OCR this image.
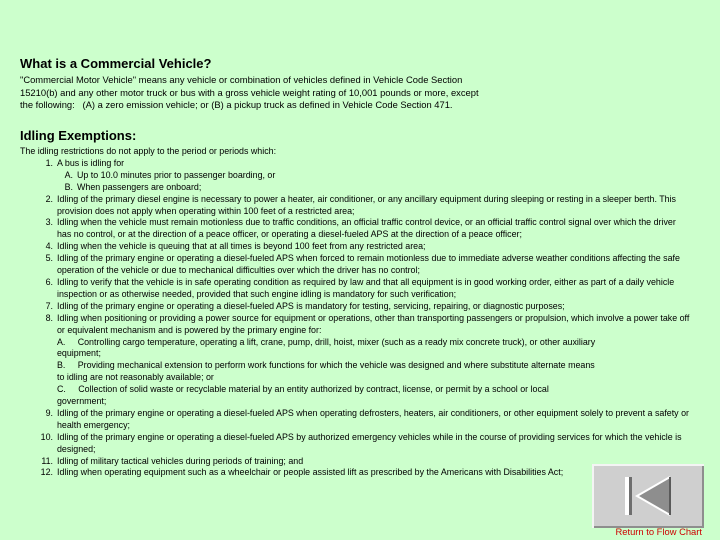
What is a Commercial Vehicle?
"Commercial Motor Vehicle" means any vehicle or combination of vehicles defined in Vehicle Code Section
15210(b) and any other motor truck or bus with a gross vehicle weight rating of 10,001 pounds or more, except
the following:   (A) a zero emission vehicle; or (B) a pickup truck as defined in Vehicle Code Section 471.
Idling Exemptions:

The idling restrictions do not apply to the period or periods which:

1. A bus is idling for
A. Up to 10.0 minutes prior to passenger boarding, or
B. When passengers are onboard;
2. Idling of the primary diesel engine is necessary to power a heater, air conditioner, or any ancillary equipment during sleeping or resting in a sleeper berth. This provision does not apply when operating within 100 feet of a restricted area;
3. Idling when the vehicle must remain motionless due to traffic conditions, an official traffic control device, or an official traffic control signal over which the driver has no control, or at the direction of a peace officer, or operating a diesel-fueled APS at the direction of a peace officer;
4. Idling when the vehicle is queuing that at all times is beyond 100 feet from any restricted area;
5. Idling of the primary engine or operating a diesel-fueled APS when forced to remain motionless due to immediate adverse weather conditions affecting the safe operation of the vehicle or due to mechanical difficulties over which the driver has no control;
6. Idling to verify that the vehicle is in safe operating condition as required by law and that all equipment is in good working order, either as part of a daily vehicle inspection or as otherwise needed, provided that such engine idling is mandatory for such verification;
7. Idling of the primary engine or operating a diesel-fueled APS is mandatory for testing, servicing, repairing, or diagnostic purposes;
8. Idling when positioning or providing a power source for equipment or operations, other than transporting passengers or propulsion, which involve a power take off or equivalent mechanism and is powered by the primary engine for:
A.     Controlling cargo temperature, operating a lift, crane, pump, drill, hoist, mixer (such as a ready mix concrete truck), or other auxiliary
equipment;
B.     Providing mechanical extension to perform work functions for which the vehicle was designed and where substitute alternate means
to idling are not reasonably available; or
C.     Collection of solid waste or recyclable material by an entity authorized by contract, license, or permit by a school or local
government;
9. Idling of the primary engine or operating a diesel-fueled APS when operating defrosters, heaters, air conditioners, or other equipment solely to prevent a safety or health emergency;
10. Idling of the primary engine or operating a diesel-fueled APS by authorized emergency vehicles while in the course of providing services for which the vehicle is designed;
11. Idling of military tactical vehicles during periods of training; and
12. Idling when operating equipment such as a wheelchair or people assisted lift as prescribed by the Americans with Disabilities Act;
Return to Flow Chart
